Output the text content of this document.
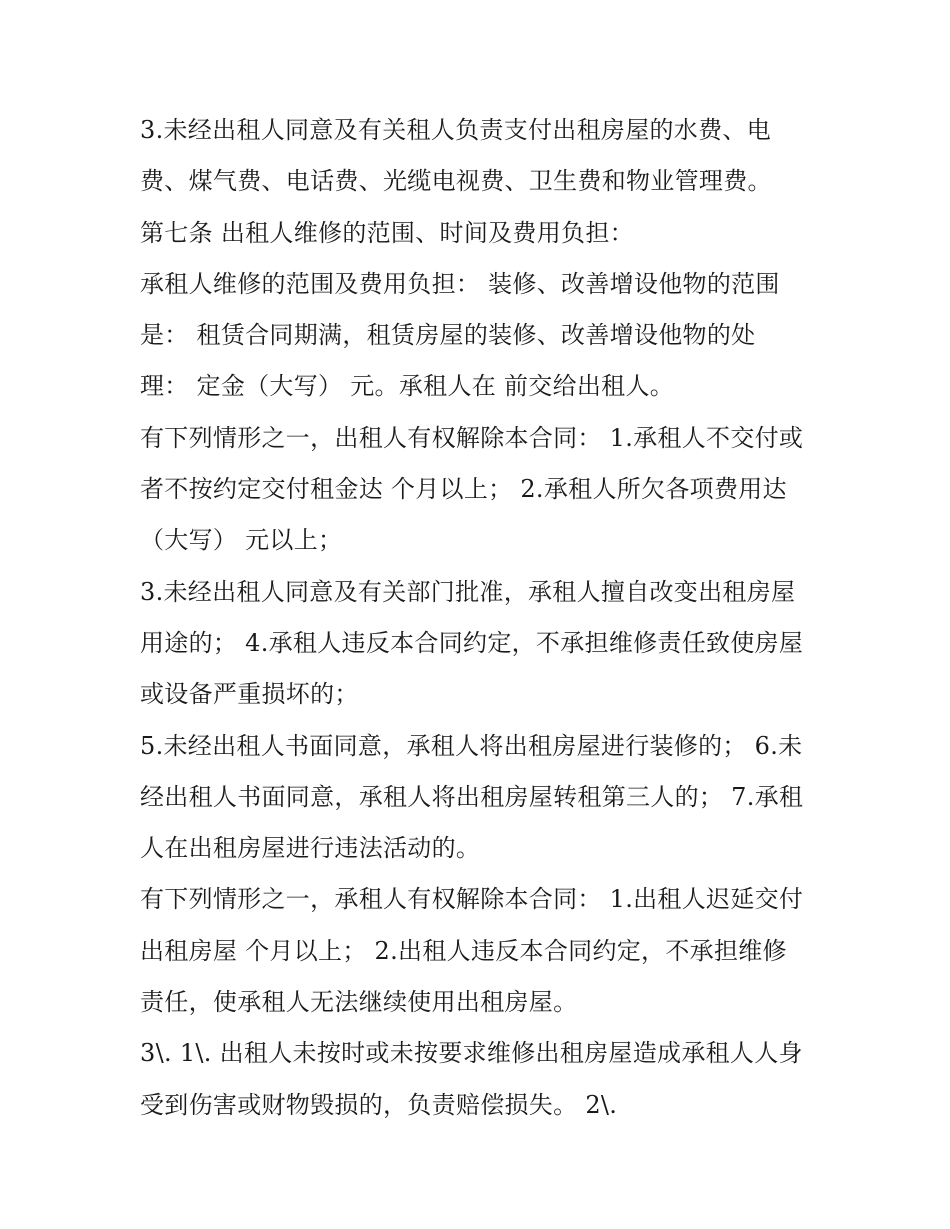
3.未经出租人同意及有关租人负责支付出租房屋的水费、电
费、煤气费、电话费、光缆电视费、卫生费和物业管理费。
第七条 出租人维修的范围、时间及费用负担：
承租人维修的范围及费用负担： 装修、改善增设他物的范围
是： 租赁合同期满，租赁房屋的装修、改善增设他物的处
理： 定金（大写） 元。承租人在 前交给出租人。
有下列情形之一，出租人有权解除本合同： 1.承租人不交付或
者不按约定交付租金达 个月以上； 2.承租人所欠各项费用达
（大写） 元以上；
3.未经出租人同意及有关部门批准，承租人擅自改变出租房屋
用途的； 4.承租人违反本合同约定，不承担维修责任致使房屋
或设备严重损坏的；
5.未经出租人书面同意，承租人将出租房屋进行装修的； 6.未
经出租人书面同意，承租人将出租房屋转租第三人的； 7.承租
人在出租房屋进行违法活动的。
有下列情形之一，承租人有权解除本合同： 1.出租人迟延交付
出租房屋 个月以上； 2.出租人违反本合同约定，不承担维修
责任，使承租人无法继续使用出租房屋。
3\. 1\. 出租人未按时或未按要求维修出租房屋造成承租人人身
受到伤害或财物毁损的，负责赔偿损失。 2\.
